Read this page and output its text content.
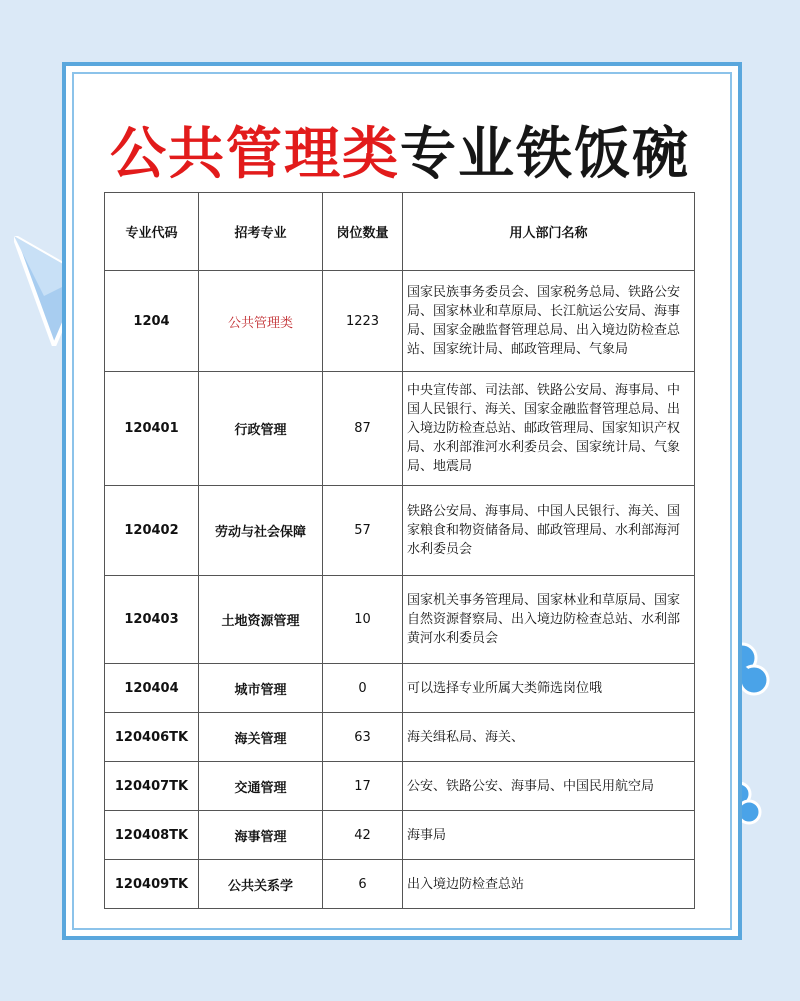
公共管理类专业铁饭碗
专业代码	招考专业	岗位数量	用人部门名称
1204	公共管理类	1223	国家民族事务委员会、国家税务总局、铁路公安局、国家林业和草原局、长江航运公安局、海事局、国家金融监督管理总局、出入境边防检查总站、国家统计局、邮政管理局、气象局
120401	行政管理	87	中央宣传部、司法部、铁路公安局、海事局、中国人民银行、海关、国家金融监督管理总局、出入境边防检查总站、邮政管理局、国家知识产权局、水利部淮河水利委员会、国家统计局、气象局、地震局
120402	劳动与社会保障	57	铁路公安局、海事局、中国人民银行、海关、国家粮食和物资储备局、邮政管理局、水利部海河水利委员会
120403	土地资源管理	10	国家机关事务管理局、国家林业和草原局、国家自然资源督察局、出入境边防检查总站、水利部黄河水利委员会
120404	城市管理	0	可以选择专业所属大类筛选岗位哦
120406TK	海关管理	63	海关缉私局、海关、
120407TK	交通管理	17	公安、铁路公安、海事局、中国民用航空局
120408TK	海事管理	42	海事局
120409TK	公共关系学	6	出入境边防检查总站
